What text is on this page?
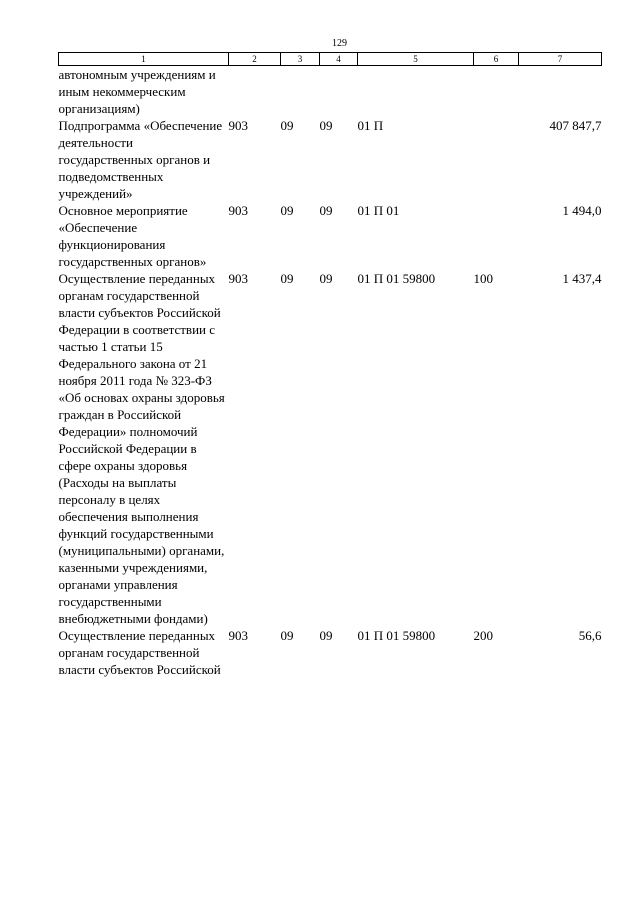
129
1	2	3	4	5	6	7
автономным учреждениям и иным некоммерческим организациям)						
Подпрограмма «Обеспечение деятельности государственных органов и подведомственных учреждений»	903	09	09	01 П		407 847,7
Основное мероприятие «Обеспечение функционирования государственных органов»	903	09	09	01 П 01		1 494,0
Осуществление переданных органам государственной власти субъектов Российской Федерации в соответствии с частью 1 статьи 15 Федерального закона от 21 ноября 2011 года № 323-ФЗ «Об основах охраны здоровья граждан в Российской Федерации» полномочий Российской Федерации в сфере охраны здоровья (Расходы на выплаты персоналу в целях обеспечения выполнения функций государственными (муниципальными) органами, казенными учреждениями, органами управления государственными внебюджетными фондами)	903	09	09	01 П 01 59800	100	1 437,4
Осуществление переданных органам государственной власти субъектов Российской	903	09	09	01 П 01 59800	200	56,6
